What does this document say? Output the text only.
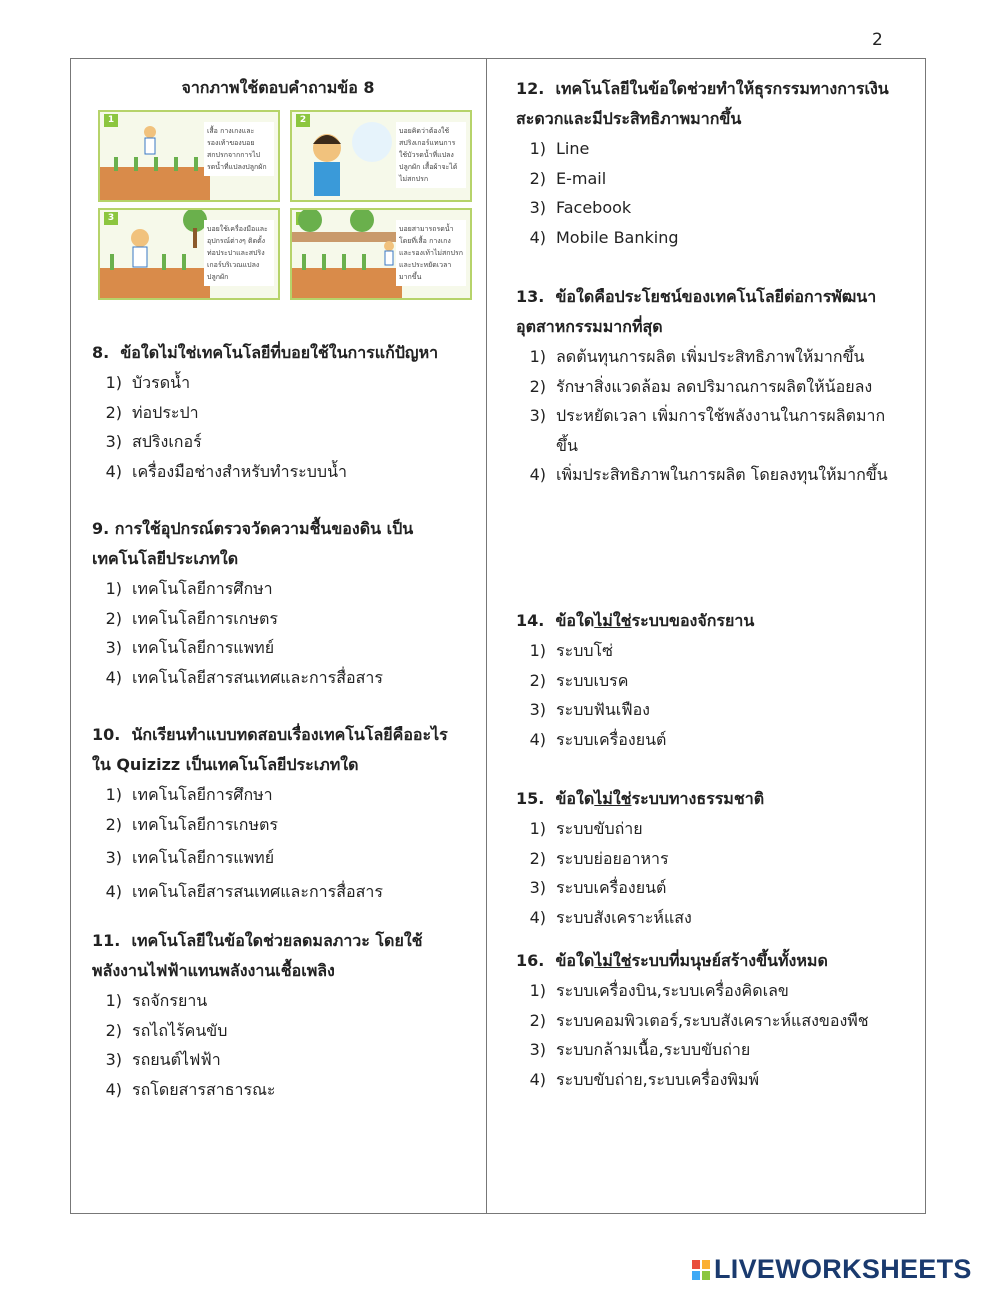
2
จากภาพใช้ตอบคำถามข้อ 8
1
เสื้อ กางเกงและรองเท้าของบอยสกปรกจากการไปรดน้ำที่แปลงปลูกผัก
2
บอยคิดว่าต้องใช้สปริงเกอร์แทนการใช้บัวรดน้ำที่แปลงปลูกผัก เสื้อผ้าจะได้ไม่สกปรก
3
บอยใช้เครื่องมือและอุปกรณ์ต่างๆ ติดตั้งท่อประปาและสปริงเกอร์บริเวณแปลงปลูกผัก
บอยสามารถรดน้ำโดยที่เสื้อ กางเกงและรองเท้าไม่สกปรก และประหยัดเวลามากขึ้น

8. ข้อใดไม่ใช่เทคโนโลยีที่บอยใช้ในการแก้ปัญหา

1) บัวรดน้ำ
2) ท่อประปา
3) สปริงเกอร์
4) เครื่องมือช่างสำหรับทำระบบน้ำ

9. การใช้อุปกรณ์ตรวจวัดความชื้นของดิน เป็นเทคโนโลยีประเภทใด

1) เทคโนโลยีการศึกษา
2) เทคโนโลยีการเกษตร
3) เทคโนโลยีการแพทย์
4) เทคโนโลยีสารสนเทศและการสื่อสาร

10. นักเรียนทำแบบทดสอบเรื่องเทคโนโลยีคืออะไร ใน Quizizz เป็นเทคโนโลยีประเภทใด

1) เทคโนโลยีการศึกษา
2) เทคโนโลยีการเกษตร
3) เทคโนโลยีการแพทย์
4) เทคโนโลยีสารสนเทศและการสื่อสาร

11. เทคโนโลยีในข้อใดช่วยลดมลภาวะ โดยใช้พลังงานไฟฟ้าแทนพลังงานเชื้อเพลิง

1) รถจักรยาน
2) รถไถไร้คนขับ
3) รถยนต์ไฟฟ้า
4) รถโดยสารสาธารณะ

12. เทคโนโลยีในข้อใดช่วยทำให้ธุรกรรมทางการเงินสะดวกและมีประสิทธิภาพมากขึ้น

1) Line
2) E-mail
3) Facebook
4) Mobile Banking

13. ข้อใดคือประโยชน์ของเทคโนโลยีต่อการพัฒนาอุตสาหกรรมมากที่สุด

1) ลดต้นทุนการผลิต เพิ่มประสิทธิภาพให้มากขึ้น
2) รักษาสิ่งแวดล้อม ลดปริมาณการผลิตให้น้อยลง
3) ประหยัดเวลา เพิ่มการใช้พลังงานในการผลิตมากขึ้น
4) เพิ่มประสิทธิภาพในการผลิต โดยลงทุนให้มากขึ้น

14. ข้อใดไม่ใช่ระบบของจักรยาน

1) ระบบโซ่
2) ระบบเบรค
3) ระบบฟันเฟือง
4) ระบบเครื่องยนต์

15. ข้อใดไม่ใช่ระบบทางธรรมชาติ

1) ระบบขับถ่าย
2) ระบบย่อยอาหาร
3) ระบบเครื่องยนต์
4) ระบบสังเคราะห์แสง

16. ข้อใดไม่ใช่ระบบที่มนุษย์สร้างขึ้นทั้งหมด

1) ระบบเครื่องบิน,ระบบเครื่องคิดเลข
2) ระบบคอมพิวเตอร์,ระบบสังเคราะห์แสงของพืช
3) ระบบกล้ามเนื้อ,ระบบขับถ่าย
4) ระบบขับถ่าย,ระบบเครื่องพิมพ์
LIVEWORKSHEETS
